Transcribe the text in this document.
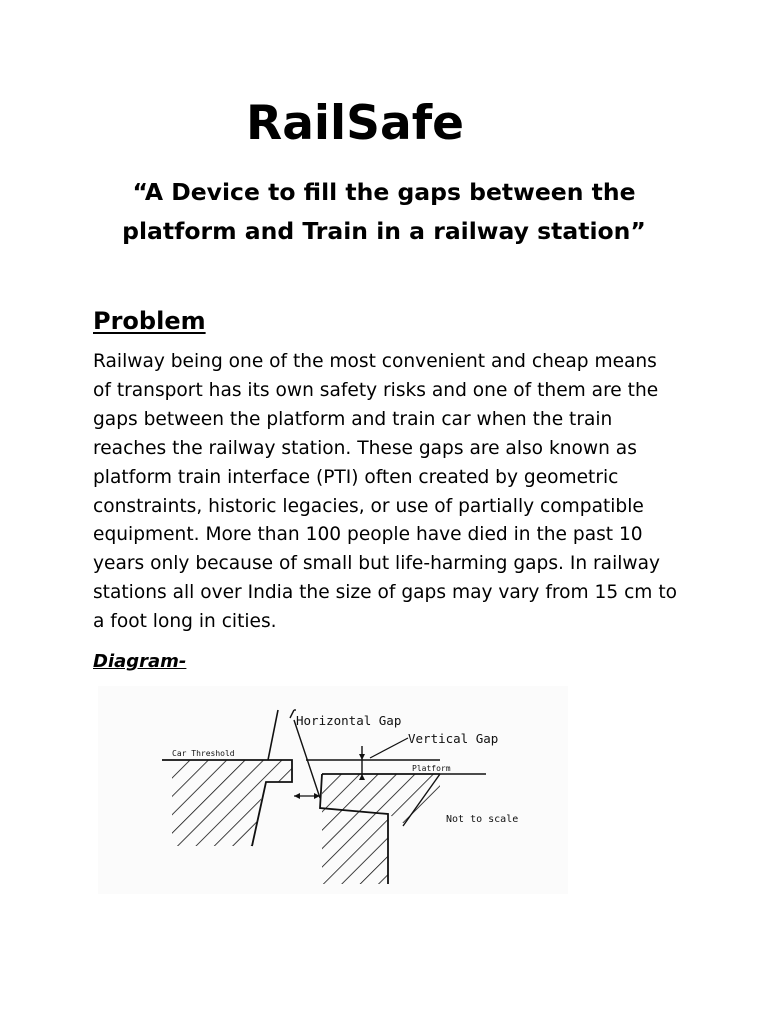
RailSafe

“A Device to fill the gaps between the platform and Train in a railway station”

Problem
Railway being one of the most convenient and cheap means
of transport has its own safety risks and one of them are the
gaps between the platform and train car when the train
reaches the railway station. These gaps are also known as
platform train interface (PTI) often created by geometric
constraints, historic legacies, or use of partially compatible
equipment. More than 100 people have died in the past 10
years only because of small but life-harming gaps. In railway
stations all over India the size of gaps may vary from 15 cm to
a foot long in cities.
Diagram-
Horizontal Gap
Vertical Gap
Car Threshold
Platform
Not to scale
